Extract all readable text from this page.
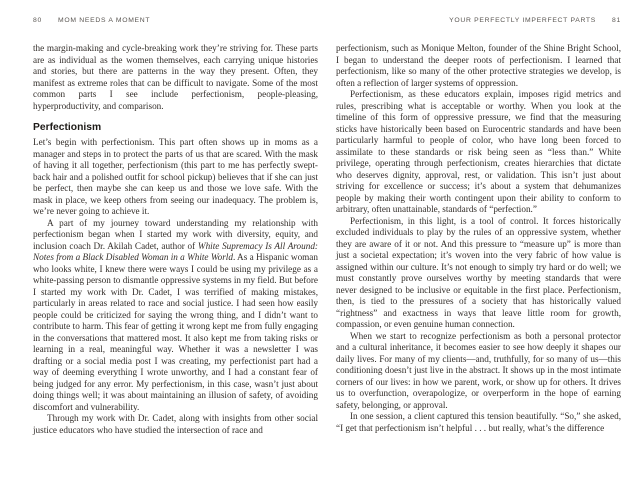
80 MOM NEEDS A MOMENT

the margin-making and cycle-breaking work they’re striving for. These parts are as individual as the women themselves, each carrying unique histories and stories, but there are patterns in the way they present. Often, they manifest as extreme roles that can be difficult to navigate. Some of the most common parts I see include perfectionism, people-pleasing, hyperproductivity, and comparison.

Perfectionism

Let’s begin with perfectionism. This part often shows up in moms as a manager and steps in to protect the parts of us that are scared. With the mask of having it all together, perfectionism (this part to me has perfectly swept-back hair and a polished outfit for school pickup) believes that if she can just be perfect, then maybe she can keep us and those we love safe. With the mask in place, we keep others from seeing our inadequacy. The problem is, we’re never going to achieve it.

A part of my journey toward understanding my relationship with perfectionism began when I started my work with diversity, equity, and inclusion coach Dr. Akilah Cadet, author of White Supremacy Is All Around: Notes from a Black Disabled Woman in a White World. As a Hispanic woman who looks white, I knew there were ways I could be using my privilege as a white-passing person to dismantle oppressive systems in my field. But before I started my work with Dr. Cadet, I was terrified of making mistakes, particularly in areas related to race and social justice. I had seen how easily people could be criticized for saying the wrong thing, and I didn’t want to contribute to harm. This fear of getting it wrong kept me from fully engaging in the conversations that mattered most. It also kept me from taking risks or learning in a real, meaningful way. Whether it was a newsletter I was drafting or a social media post I was creating, my perfectionist part had a way of deeming everything I wrote unworthy, and I had a constant fear of being judged for any error. My perfectionism, in this case, wasn’t just about doing things well; it was about maintaining an illusion of safety, of avoiding discomfort and vulnerability.

Through my work with Dr. Cadet, along with insights from other social justice educators who have studied the intersection of race and

YOUR PERFECTLY IMPERFECT PARTS 81

perfectionism, such as Monique Melton, founder of the Shine Bright School, I began to understand the deeper roots of perfectionism. I learned that perfectionism, like so many of the other protective strategies we develop, is often a reflection of larger systems of oppression.

Perfectionism, as these educators explain, imposes rigid metrics and rules, prescribing what is acceptable or worthy. When you look at the timeline of this form of oppressive pressure, we find that the measuring sticks have historically been based on Eurocentric standards and have been particularly harmful to people of color, who have long been forced to assimilate to these standards or risk being seen as “less than.” White privilege, operating through perfectionism, creates hierarchies that dictate who deserves dignity, approval, rest, or validation. This isn’t just about striving for excellence or success; it’s about a system that dehumanizes people by making their worth contingent upon their ability to conform to arbitrary, often unattainable, standards of “perfection.”

Perfectionism, in this light, is a tool of control. It forces historically excluded individuals to play by the rules of an oppressive system, whether they are aware of it or not. And this pressure to “measure up” is more than just a societal expectation; it’s woven into the very fabric of how value is assigned within our culture. It’s not enough to simply try hard or do well; we must constantly prove ourselves worthy by meeting standards that were never designed to be inclusive or equitable in the first place. Perfectionism, then, is tied to the pressures of a society that has historically valued “rightness” and exactness in ways that leave little room for growth, compassion, or even genuine human connection.

When we start to recognize perfectionism as both a personal protector and a cultural inheritance, it becomes easier to see how deeply it shapes our daily lives. For many of my clients—and, truthfully, for so many of us—this conditioning doesn’t just live in the abstract. It shows up in the most intimate corners of our lives: in how we parent, work, or show up for others. It drives us to overfunction, overapologize, or overperform in the hope of earning safety, belonging, or approval.

In one session, a client captured this tension beautifully. “So,” she asked, “I get that perfectionism isn’t helpful . . . but really, what’s the difference
